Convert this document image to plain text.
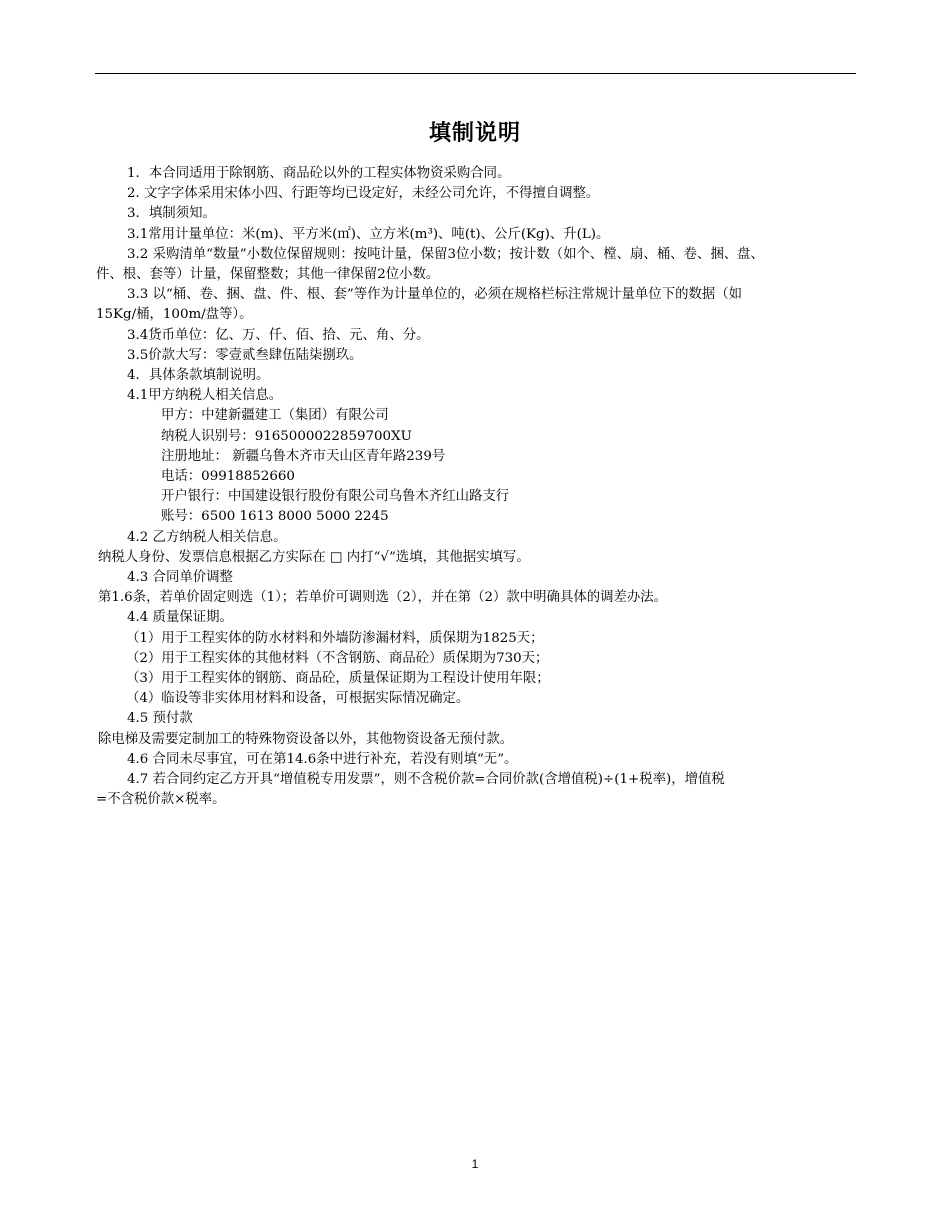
填制说明
1．本合同适用于除钢筋、商品砼以外的工程实体物资采购合同。
2. 文字字体采用宋体小四、行距等均已设定好，未经公司允许，不得擅自调整。
3．填制须知。
3.1常用计量单位：米(m)、平方米(㎡)、立方米(m³)、吨(t)、公斤(Kg)、升(L)。
3.2 采购清单“数量”小数位保留规则：按吨计量，保留3位小数；按计数（如个、樘、扇、桶、卷、捆、盘、
件、根、套等）计量，保留整数；其他一律保留2位小数。
3.3 以“桶、卷、捆、盘、件、根、套”等作为计量单位的，必须在规格栏标注常规计量单位下的数据（如
15Kg/桶，100m/盘等）。
3.4货币单位：亿、万、仟、佰、拾、元、角、分。
3.5价款大写：零壹贰叁肆伍陆柒捌玖。
4．具体条款填制说明。
4.1甲方纳税人相关信息。
甲方：中建新疆建工（集团）有限公司
纳税人识别号：9165000022859700XU
注册地址： 新疆乌鲁木齐市天山区青年路239号
电话：09918852660
开户银行：中国建设银行股份有限公司乌鲁木齐红山路支行
账号：6500 1613 8000 5000 2245
4.2 乙方纳税人相关信息。
纳税人身份、发票信息根据乙方实际在 □ 内打“√”选填，其他据实填写。
4.3 合同单价调整
第1.6条，若单价固定则选（1）；若单价可调则选（2），并在第（2）款中明确具体的调差办法。
4.4 质量保证期。
（1）用于工程实体的防水材料和外墙防渗漏材料，质保期为1825天；
（2）用于工程实体的其他材料（不含钢筋、商品砼）质保期为730天；
（3）用于工程实体的钢筋、商品砼，质量保证期为工程设计使用年限；
（4）临设等非实体用材料和设备，可根据实际情况确定。
4.5 预付款
除电梯及需要定制加工的特殊物资设备以外，其他物资设备无预付款。
4.6 合同未尽事宜，可在第14.6条中进行补充，若没有则填“无”。
4.7 若合同约定乙方开具“增值税专用发票”，则不含税价款=合同价款(含增值税)÷(1+税率)，增值税
=不含税价款×税率。
1
